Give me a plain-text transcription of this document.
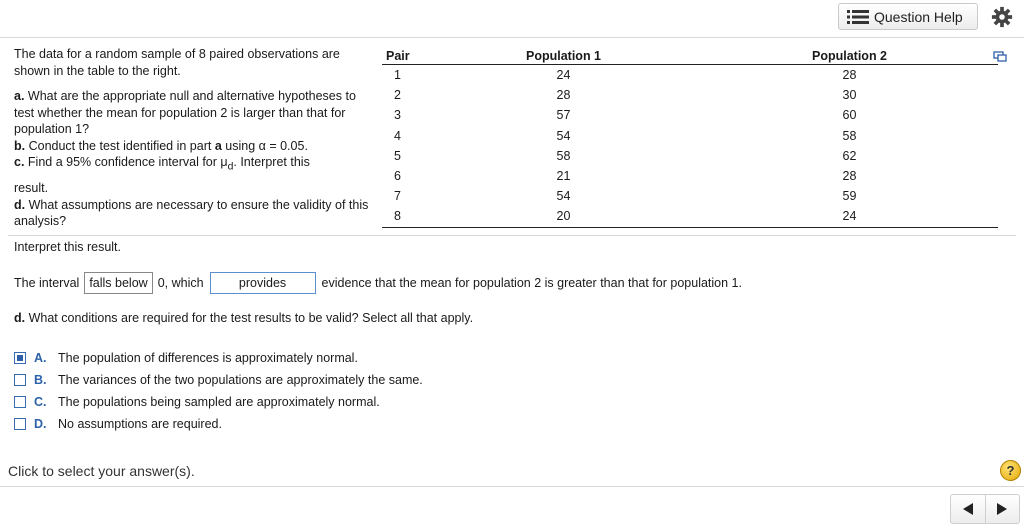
Question Help

The data for a random sample of 8 paired observations are shown in the table to the right.

a. What are the appropriate null and alternative hypotheses to test whether the mean for population 2 is larger than that for population 1?

b. Conduct the test identified in part a using α = 0.05.

c. Find a 95% confidence interval for $\mu_d$. Interpret this

result.

d. What assumptions are necessary to ensure the validity of this analysis?

Pair	Population 1	Population 2
1	24	28
2	28	30
3	57	60
4	54	58
5	58	62
6	21	28
7	54	59
8	20	24
Interpret this result.
The interval falls below 0, which	provides	evidence that the mean for population 2 is greater than that for population 1.
d. What conditions are required for the test results to be valid? Select all that apply.
A. The population of differences is approximately normal.
B. The variances of the two populations are approximately the same.
C. The populations being sampled are approximately normal.
D. No assumptions are required.
Click to select your answer(s).	?
